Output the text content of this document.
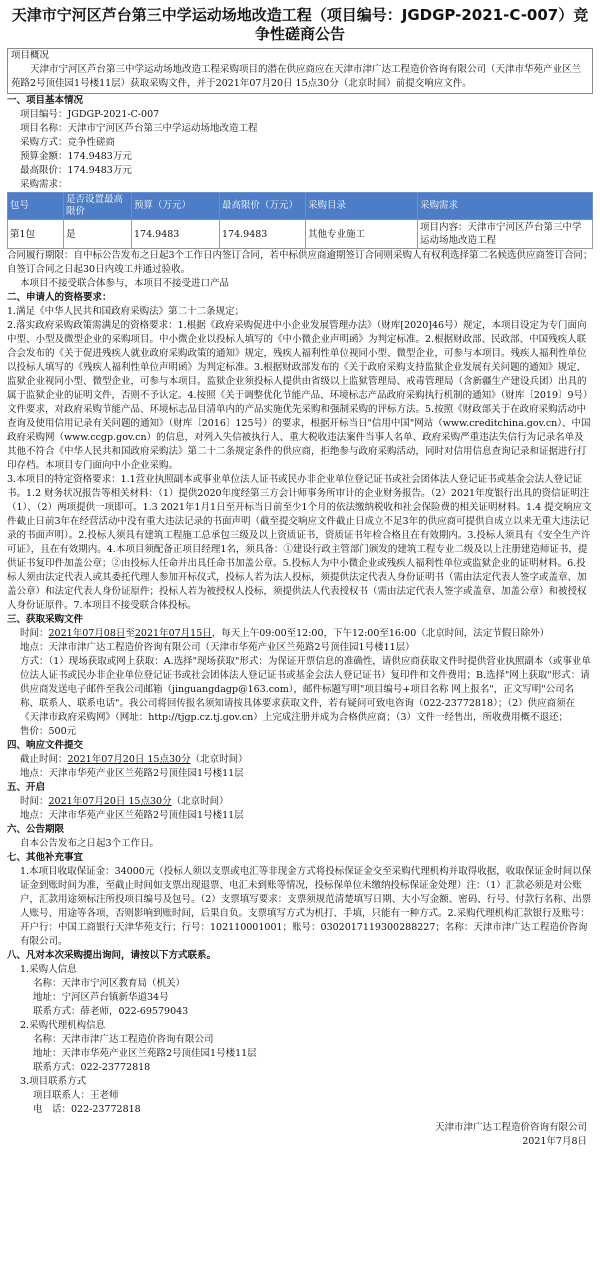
天津市宁河区芦台第三中学运动场地改造工程（项目编号：JGDGP-2021-C-007）竞争性磋商公告
项目概况
天津市宁河区芦台第三中学运动场地改造工程采购项目的潜在供应商应在天津市津广达工程造价咨询有限公司（天津市华苑产业区兰苑路2号顶佳园1号楼11层）获取采购文件，并于2021年07月20日 15点30分（北京时间）前提交响应文件。
一、项目基本情况
项目编号：JGDGP-2021-C-007
项目名称：天津市宁河区芦台第三中学运动场地改造工程
采购方式：竞争性磋商
预算金额：174.9483万元
最高限价：174.9483万元
采购需求：
包号	是否设置最高限价	预算（万元）	最高限价（万元）	采购目录	采购需求
第1包	是	174.9483	174.9483	其他专业施工	项目内容：天津市宁河区芦台第三中学运动场地改造工程
合同履行期限：自中标公告发布之日起3个工作日内签订合同，若中标供应商逾期签订合同则采购人有权利选择第二名候选供应商签订合同；自签订合同之日起30日内竣工并通过验收。
本项目不接受联合体参与，本项目不接受进口产品
二、申请人的资格要求：
1.满足《中华人民共和国政府采购法》第二十二条规定；
2.落实政府采购政策需满足的资格要求：1.根据《政府采购促进中小企业发展管理办法》（财库[2020]46号）规定，本项目设定为专门面向中型、小型及微型企业的采购项目。中小微企业以投标人填写的《中小微企业声明函》为判定标准。2.根据财政部、民政部、中国残疾人联合会发布的《关于促进残疾人就业政府采购政策的通知》规定，残疾人福利性单位视同小型、微型企业，可参与本项目。残疾人福利性单位以投标人填写的《残疾人福利性单位声明函》为判定标准。3.根据财政部发布的《关于政府采购支持监狱企业发展有关问题的通知》规定，监狱企业视同小型、微型企业，可参与本项目。监狱企业须投标人提供由省级以上监狱管理局、戒毒管理局（含新疆生产建设兵团）出具的属于监狱企业的证明文件，否则不予认定。4.按照《关于调整优化节能产品、环境标志产品政府采购执行机制的通知》（财库〔2019〕9号）文件要求，对政府采购节能产品、环境标志品目清单内的产品实施优先采购和强制采购的评标方法。5.按照《财政部关于在政府采购活动中查询及使用信用记录有关问题的通知》（财库〔2016〕125号）的要求，根据开标当日"信用中国"网站（www.creditchina.gov.cn）、中国政府采购网（www.ccgp.gov.cn）的信息，对列入失信被执行人、重大税收违法案件当事人名单、政府采购严重违法失信行为记录名单及其他不符合《中华人民共和国政府采购法》第二十二条规定条件的供应商，拒绝参与政府采购活动，同时对信用信息查询记录和证据进行打印存档。本项目专门面向中小企业采购。
3.本项目的特定资格要求：1.1营业执照副本或事业单位法人证书或民办非企业单位登记证书或社会团体法人登记证书或基金会法人登记证书。1.2 财务状况报告等相关材料：（1）提供2020年度经第三方会计师事务所审计的企业财务报告。（2）2021年度银行出具的资信证明注（1）、（2）两项提供一项即可。1.3 2021年1月1日至开标当日前至少1个月的依法缴纳税收和社会保险费的相关证明材料。1.4 提交响应文件截止日前3年在经营活动中没有重大违法记录的书面声明（截至提交响应文件截止日成立不足3年的供应商可提供自成立以来无重大违法记录的书面声明）。2.投标人须具有建筑工程施工总承包三级及以上资质证书，资质证书年检合格且在有效期内。3.投标人须具有《安全生产许可证》，且在有效期内。4.本项目须配备正项目经理1名，须具备：①建设行政主管部门颁发的建筑工程专业二级及以上注册建造师证书，提供证书复印件加盖公章；②由投标人任命并出具任命书加盖公章。5.投标人为中小微企业或残疾人福利性单位或监狱企业的证明材料。6.投标人须由法定代表人或其委托代理人参加开标仪式，投标人若为法人投标，须提供法定代表人身份证明书（需由法定代表人签字或盖章、加盖公章）和法定代表人身份证原件；投标人若为被授权人投标，须提供法人代表授权书（需由法定代表人签字或盖章、加盖公章）和被授权人身份证原件。7.本项目不接受联合体投标。
三、获取采购文件
时间：2021年07月08日至2021年07月15日，每天上午09:00至12:00，下午12:00至16:00（北京时间，法定节假日除外）
地点：天津市津广达工程造价咨询有限公司（天津市华苑产业区兰苑路2号顶佳园1号楼11层）
方式：（1）现场获取或网上获取：A.选择"现场获取"形式：为保证开票信息的准确性，请供应商获取文件时提供营业执照副本（或事业单位法人证书或民办非企业单位登记证书或社会团体法人登记证书或基金会法人登记证书）复印件和文件费用；B.选择"网上获取"形式：请供应商发送电子邮件至我公司邮箱（jinguangdagp@163.com），邮件标题写明"项目编号+项目名称 网上报名"，正文写明"公司名称、联系人、联系电话"。我公司将回传报名须知请按具体要求获取文件，若有疑问可致电咨询（022-23772818）；（2）供应商须在《天津市政府采购网》（网址：http://tjgp.cz.tj.gov.cn）上完成注册并成为合格供应商；（3）文件一经售出，所收费用概不退还；
售价：500元
四、响应文件提交
截止时间：2021年07月20日 15点30分（北京时间）
地点：天津市华苑产业区兰苑路2号顶佳园1号楼11层
五、开启
时间：2021年07月20日 15点30分（北京时间）
地点：天津市华苑产业区兰苑路2号顶佳园1号楼11层
六、公告期限
自本公告发布之日起3个工作日。
七、其他补充事宜
1.本项目收取保证金：34000元（投标人须以支票或电汇等非现金方式将投标保证金交至采购代理机构并取得收据，收取保证金时间以保证金到账时间为准，至截止时间如支票出现退票、电汇未到账等情况，投标保单位未缴纳投标保证金处理）注：（1）汇款必须是对公账户，汇款用途须标注所投项目编号及包号。（2）支票填写要求：支票须规范清楚填写日期、大小写金额、密码、行号、付款行名称、出票人账号、用途等各项，否则影响到账时间，后果自负。支票填写方式为机打、手填，只能有一种方式。2.采购代理机构汇款银行及账号：开户行：中国工商银行天津华苑支行；行号：102110001001；账号：0302017119300288227；名称：天津市津广达工程造价咨询有限公司。
八、凡对本次采购提出询问，请按以下方式联系。
1.采购人信息
名称：天津市宁河区教育局（机关）
地址：宁河区芦台镇新华道34号
联系方式：薛老师，022-69579043
2.采购代理机构信息
名称：天津市津广达工程造价咨询有限公司
地址：天津市华苑产业区兰苑路2号顶佳园1号楼11层
联系方式：022-23772818
3.项目联系方式
项目联系人：王老师
电　话：022-23772818
天津市津广达工程造价咨询有限公司
2021年7月8日
